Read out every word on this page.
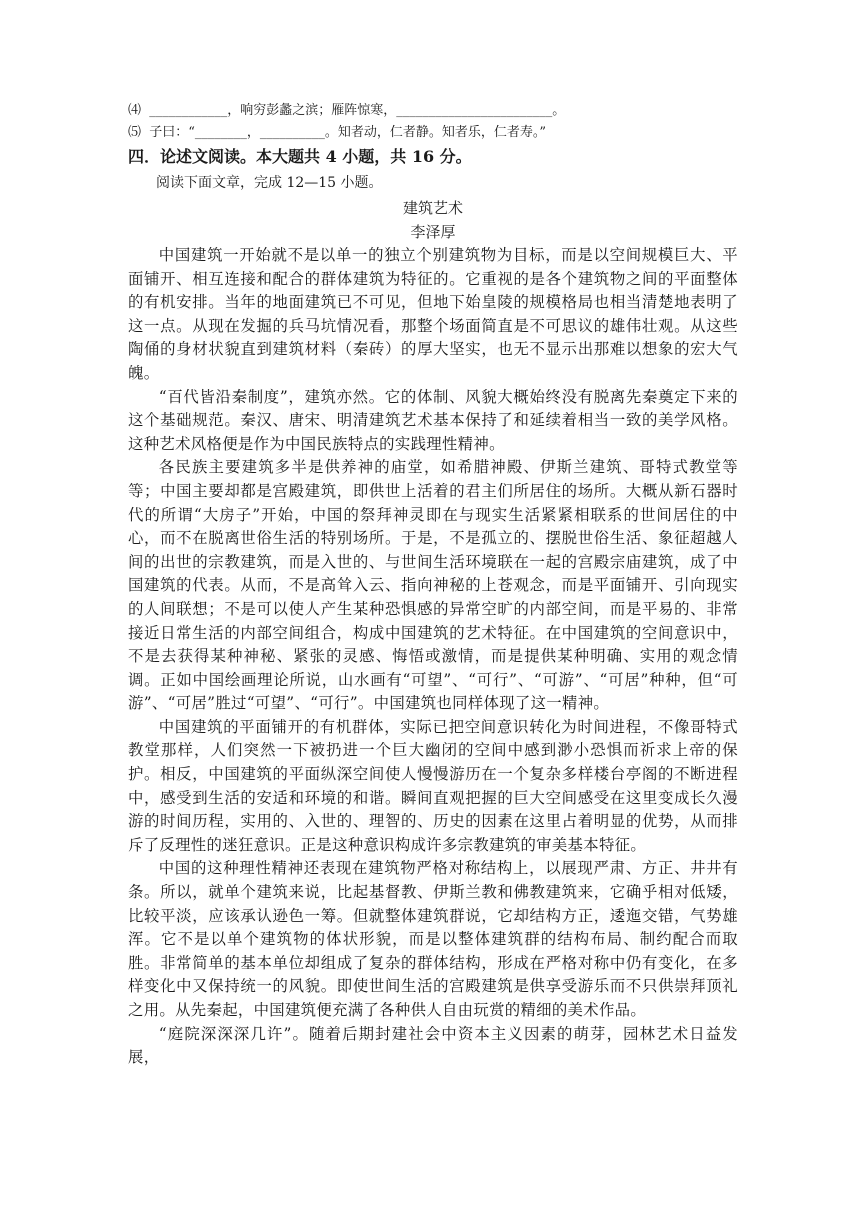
⑷  ____________，响穷彭蠡之滨；雁阵惊寒，________________________。

⑸  子曰：“________，__________。知者动，仁者静。知者乐，仁者寿。”

四．论述文阅读。本大题共 4 小题，共 16 分。

阅读下面文章，完成 12—15 小题。

建筑艺术

李泽厚

中国建筑一开始就不是以单一的独立个别建筑物为目标，而是以空间规模巨大、平面铺开、相互连接和配合的群体建筑为特征的。它重视的是各个建筑物之间的平面整体的有机安排。当年的地面建筑已不可见，但地下始皇陵的规模格局也相当清楚地表明了这一点。从现在发掘的兵马坑情况看，那整个场面简直是不可思议的雄伟壮观。从这些陶俑的身材状貌直到建筑材料（秦砖）的厚大坚实，也无不显示出那难以想象的宏大气魄。

“百代皆沿秦制度”，建筑亦然。它的体制、风貌大概始终没有脱离先秦奠定下来的这个基础规范。秦汉、唐宋、明清建筑艺术基本保持了和延续着相当一致的美学风格。这种艺术风格便是作为中国民族特点的实践理性精神。

各民族主要建筑多半是供养神的庙堂，如希腊神殿、伊斯兰建筑、哥特式教堂等等；中国主要却都是宫殿建筑，即供世上活着的君主们所居住的场所。大概从新石器时代的所谓“大房子”开始，中国的祭拜神灵即在与现实生活紧紧相联系的世间居住的中心，而不在脱离世俗生活的特别场所。于是，不是孤立的、摆脱世俗生活、象征超越人间的出世的宗教建筑，而是入世的、与世间生活环境联在一起的宫殿宗庙建筑，成了中国建筑的代表。从而，不是高耸入云、指向神秘的上苍观念，而是平面铺开、引向现实的人间联想；不是可以使人产生某种恐惧感的异常空旷的内部空间，而是平易的、非常接近日常生活的内部空间组合，构成中国建筑的艺术特征。在中国建筑的空间意识中，不是去获得某种神秘、紧张的灵感、悔悟或激情，而是提供某种明确、实用的观念情调。正如中国绘画理论所说，山水画有“可望”、“可行”、“可游”、“可居”种种，但“可游”、“可居”胜过“可望”、“可行”。中国建筑也同样体现了这一精神。

中国建筑的平面铺开的有机群体，实际已把空间意识转化为时间进程，不像哥特式教堂那样，人们突然一下被扔进一个巨大幽闭的空间中感到渺小恐惧而祈求上帝的保护。相反，中国建筑的平面纵深空间使人慢慢游历在一个复杂多样楼台亭阁的不断进程中，感受到生活的安适和环境的和谐。瞬间直观把握的巨大空间感受在这里变成长久漫游的时间历程，实用的、入世的、理智的、历史的因素在这里占着明显的优势，从而排斥了反理性的迷狂意识。正是这种意识构成许多宗教建筑的审美基本特征。

中国的这种理性精神还表现在建筑物严格对称结构上，以展现严肃、方正、井井有条。所以，就单个建筑来说，比起基督教、伊斯兰教和佛教建筑来，它确乎相对低矮，比较平淡，应该承认逊色一筹。但就整体建筑群说，它却结构方正，逶迤交错，气势雄浑。它不是以单个建筑物的体状形貌，而是以整体建筑群的结构布局、制约配合而取胜。非常简单的基本单位却组成了复杂的群体结构，形成在严格对称中仍有变化，在多样变化中又保持统一的风貌。即使世间生活的宫殿建筑是供享受游乐而不只供崇拜顶礼之用。从先秦起，中国建筑便充满了各种供人自由玩赏的精细的美术作品。

“庭院深深深几许”。随着后期封建社会中资本主义因素的萌芽，园林艺术日益发展，
